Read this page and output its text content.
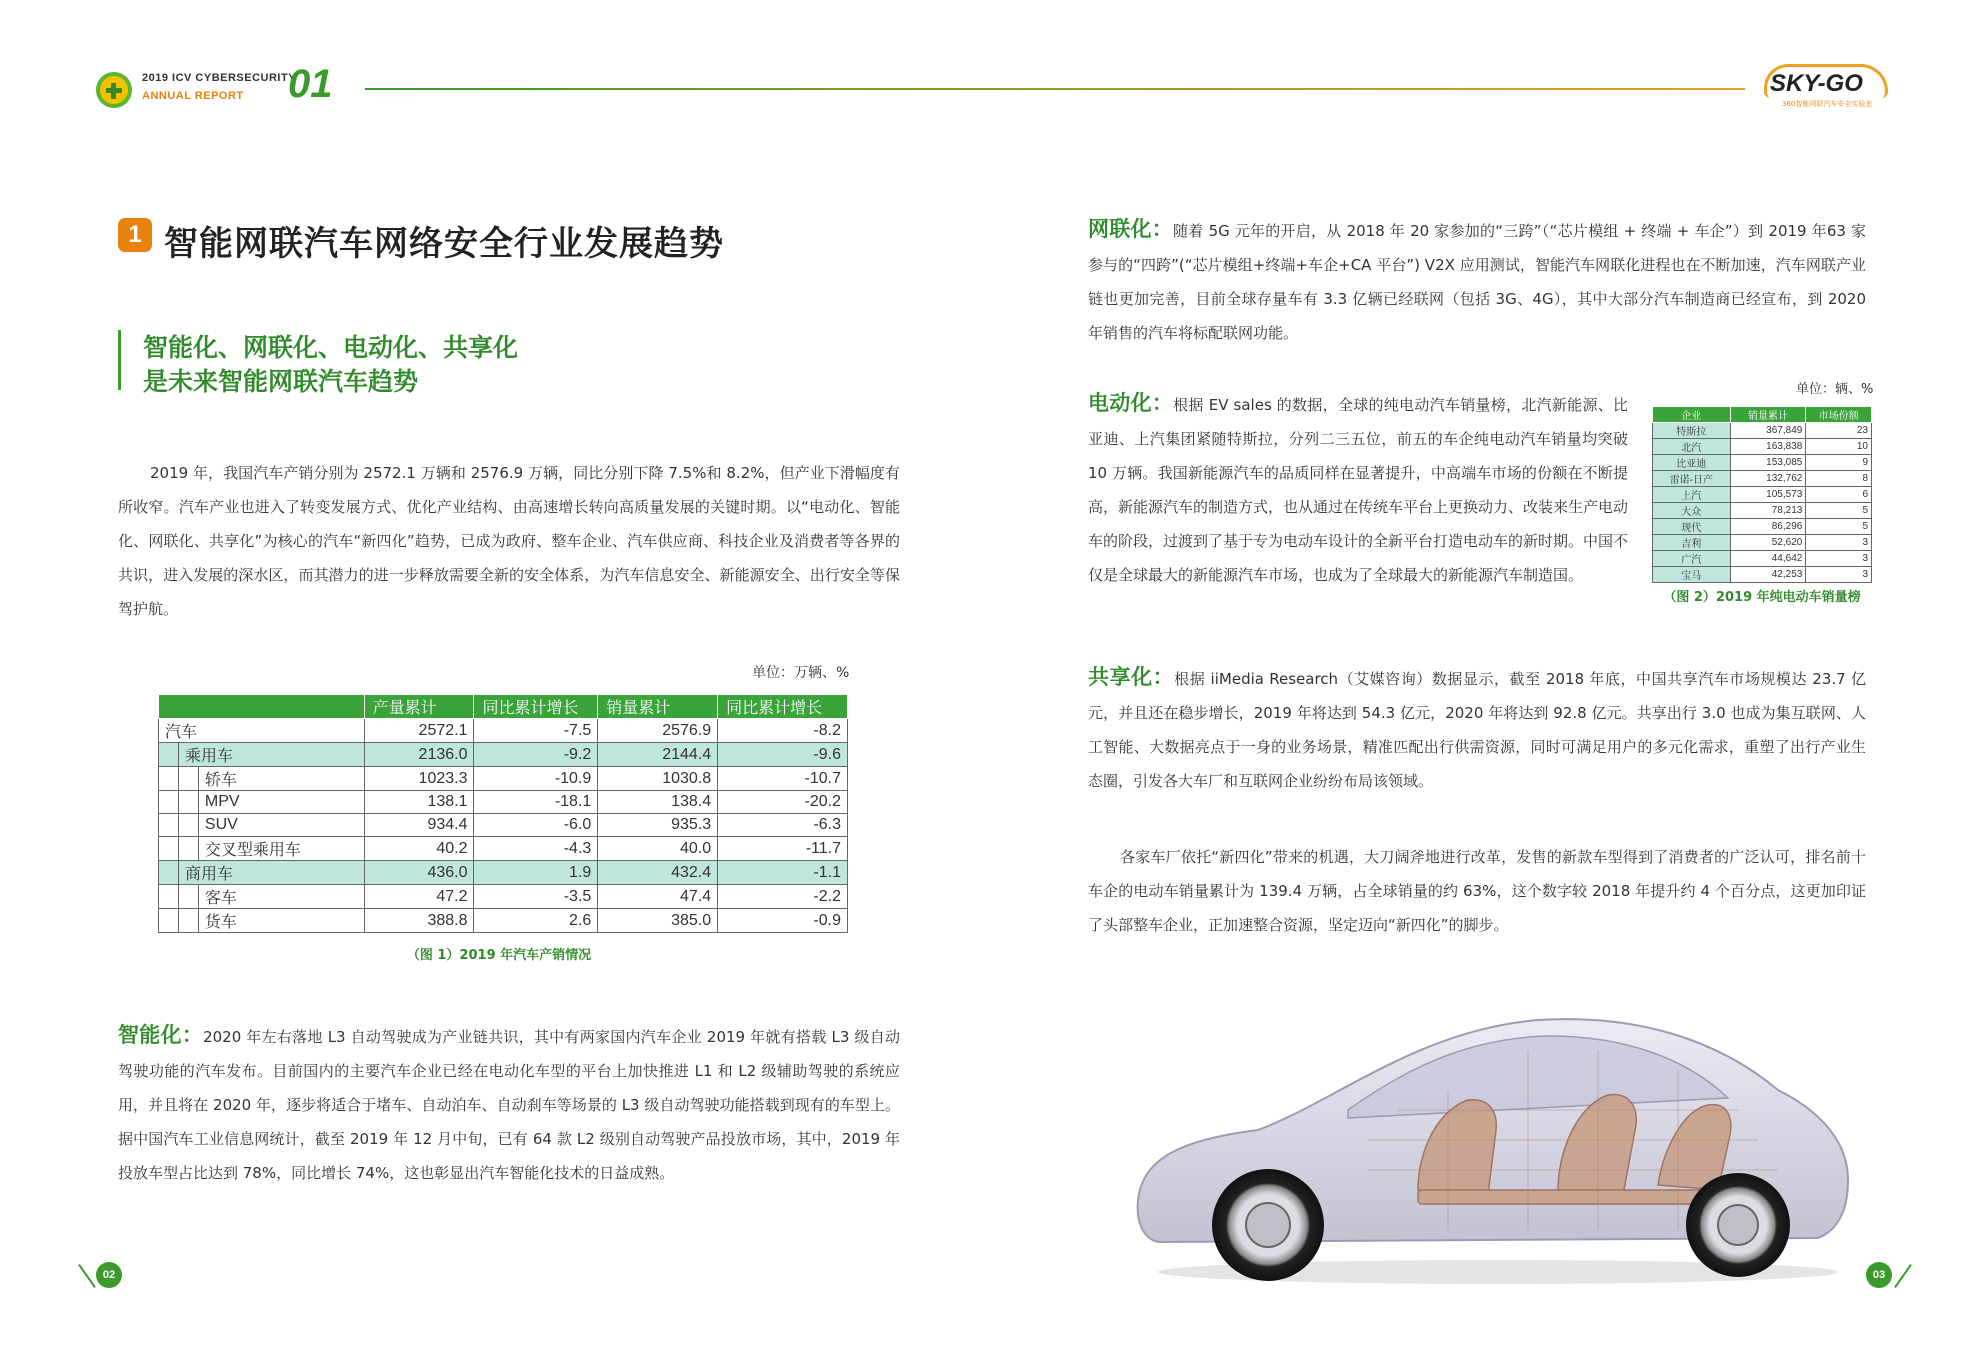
2019 ICV CYBERSECURITY
ANNUAL REPORT 01	SKY-GO
360智能网联汽车安全实验室
1 智能网联汽车网络安全行业发展趋势
智能化、网联化、电动化、共享化
是未来智能网联汽车趋势

2019 年，我国汽车产销分别为 2572.1 万辆和 2576.9 万辆，同比分别下降 7.5%和 8.2%，但产业下滑幅度有所收窄。汽车产业也进入了转变发展方式、优化产业结构、由高速增长转向高质量发展的关键时期。以“电动化、智能化、网联化、共享化”为核心的汽车“新四化”趋势，已成为政府、整车企业、汽车供应商、科技企业及消费者等各界的共识，进入发展的深水区，而其潜力的进一步释放需要全新的安全体系，为汽车信息安全、新能源安全、出行安全等保驾护航。

单位：万辆、%
			产量累计	同比累计增长	销量累计	同比累计增长
汽车			2572.1	-7.5	2576.9	-8.2
	乘用车		2136.0	-9.2	2144.4	-9.6
		轿车	1023.3	-10.9	1030.8	-10.7
		MPV	138.1	-18.1	138.4	-20.2
		SUV	934.4	-6.0	935.3	-6.3
		交叉型乘用车	40.2	-4.3	40.0	-11.7
	商用车		436.0	1.9	432.4	-1.1
		客车	47.2	-3.5	47.4	-2.2
		货车	388.8	2.6	385.0	-0.9
（图 1）2019 年汽车产销情况

智能化：2020 年左右落地 L3 自动驾驶成为产业链共识，其中有两家国内汽车企业 2019 年就有搭载 L3 级自动驾驶功能的汽车发布。目前国内的主要汽车企业已经在电动化车型的平台上加快推进 L1 和 L2 级辅助驾驶的系统应用，并且将在 2020 年，逐步将适合于堵车、自动泊车、自动刹车等场景的 L3 级自动驾驶功能搭载到现有的车型上。据中国汽车工业信息网统计，截至 2019 年 12 月中旬，已有 64 款 L2 级别自动驾驶产品投放市场，其中，2019 年投放车型占比达到 78%，同比增长 74%，这也彰显出汽车智能化技术的日益成熟。

网联化：随着 5G 元年的开启，从 2018 年 20 家参加的“三跨”（“芯片模组 + 终端 + 车企”）到 2019 年63 家参与的“四跨”(“芯片模组+终端+车企+CA 平台”) V2X 应用测试，智能汽车网联化进程也在不断加速，汽车网联产业链也更加完善，目前全球存量车有 3.3 亿辆已经联网（包括 3G、4G），其中大部分汽车制造商已经宣布，到 2020 年销售的汽车将标配联网功能。

电动化：根据 EV sales 的数据，全球的纯电动汽车销量榜，北汽新能源、比亚迪、上汽集团紧随特斯拉，分列二三五位，前五的车企纯电动汽车销量均突破 10 万辆。我国新能源汽车的品质同样在显著提升，中高端车市场的份额在不断提高，新能源汽车的制造方式，也从通过在传统车平台上更换动力、改装来生产电动车的阶段，过渡到了基于专为电动车设计的全新平台打造电动车的新时期。中国不仅是全球最大的新能源汽车市场，也成为了全球最大的新能源汽车制造国。

单位：辆、%
企业	销量累计	市场份额
特斯拉	367,849	23
北汽	163,838	10
比亚迪	153,085	9
雷诺-日产	132,762	8
上汽	105,573	6
大众	78,213	5
现代	86,296	5
吉利	52,620	3
广汽	44,642	3
宝马	42,253	3
（图 2）2019 年纯电动车销量榜

共享化：根据 iiMedia Research（艾媒咨询）数据显示，截至 2018 年底，中国共享汽车市场规模达 23.7 亿元，并且还在稳步增长，2019 年将达到 54.3 亿元，2020 年将达到 92.8 亿元。共享出行 3.0 也成为集互联网、人工智能、大数据亮点于一身的业务场景，精准匹配出行供需资源，同时可满足用户的多元化需求，重塑了出行产业生态圈，引发各大车厂和互联网企业纷纷布局该领域。

各家车厂依托“新四化”带来的机遇，大刀阔斧地进行改革，发售的新款车型得到了消费者的广泛认可，排名前十车企的电动车销量累计为 139.4 万辆，占全球销量的约 63%，这个数字较 2018 年提升约 4 个百分点，这更加印证了头部整车企业，正加速整合资源，坚定迈向“新四化”的脚步。

02	03
